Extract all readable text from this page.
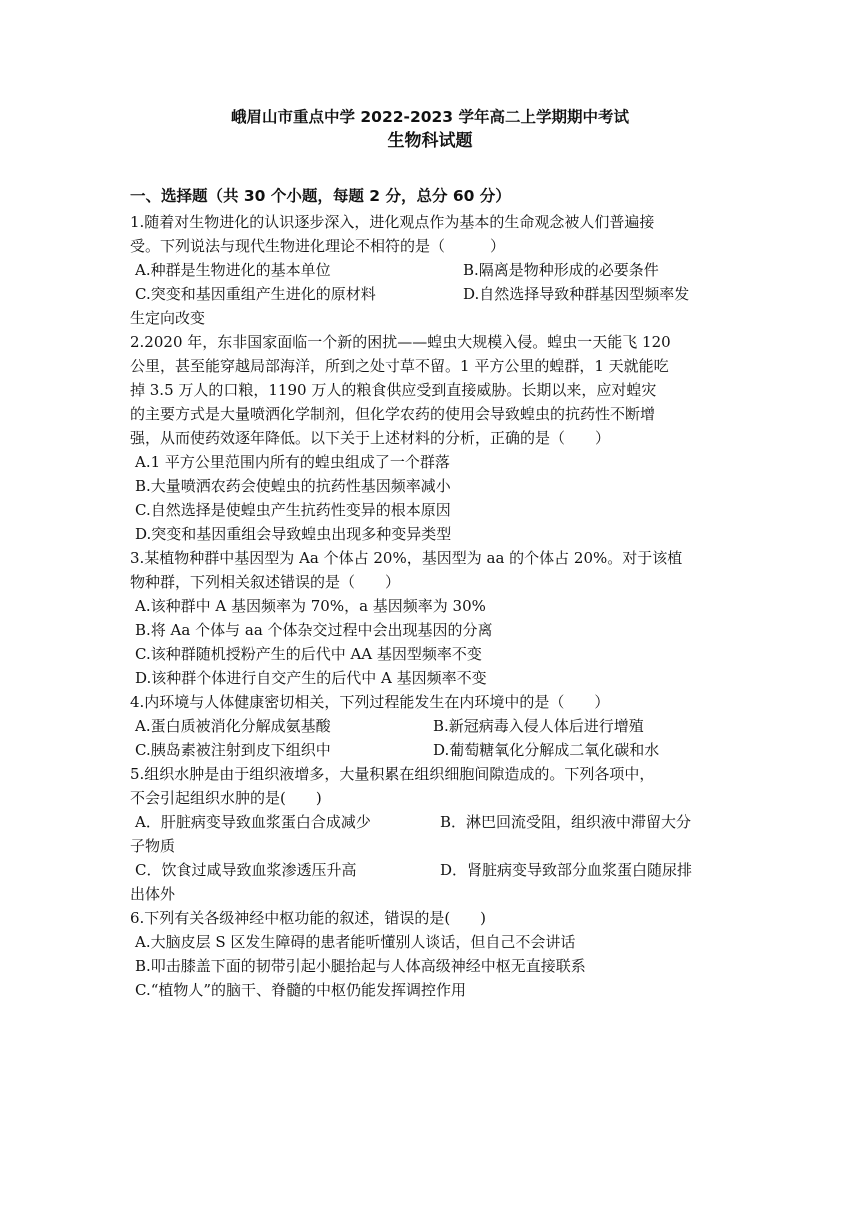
峨眉山市重点中学 2022-2023 学年高二上学期期中考试
生物科试题
一、选择题（共 30 个小题，每题 2 分，总分 60 分）
1.随着对生物进化的认识逐步深入，进化观点作为基本的生命观念被人们普遍接
受。下列说法与现代生物进化理论不相符的是（　　　）
A.种群是生物进化的基本单位	B.隔离是物种形成的必要条件
C.突变和基因重组产生进化的原材料	D.自然选择导致种群基因型频率发
生定向改变
2.2020 年，东非国家面临一个新的困扰——蝗虫大规模入侵。蝗虫一天能飞 120
公里，甚至能穿越局部海洋，所到之处寸草不留。1 平方公里的蝗群，1 天就能吃
掉 3.5 万人的口粮，1190 万人的粮食供应受到直接威胁。长期以来，应对蝗灾
的主要方式是大量喷洒化学制剂，但化学农药的使用会导致蝗虫的抗药性不断增
强，从而使药效逐年降低。以下关于上述材料的分析，正确的是（　　）
A.1 平方公里范围内所有的蝗虫组成了一个群落
B.大量喷洒农药会使蝗虫的抗药性基因频率减小
C.自然选择是使蝗虫产生抗药性变异的根本原因
D.突变和基因重组会导致蝗虫出现多种变异类型
3.某植物种群中基因型为 Aa 个体占 20%，基因型为 aa 的个体占 20%。对于该植
物种群，下列相关叙述错误的是（　　）
A.该种群中 A 基因频率为 70%，a 基因频率为 30%
B.将 Aa 个体与 aa 个体杂交过程中会出现基因的分离
C.该种群随机授粉产生的后代中 AA 基因型频率不变
D.该种群个体进行自交产生的后代中 A 基因频率不变
4.内环境与人体健康密切相关，下列过程能发生在内环境中的是（　　）
A.蛋白质被消化分解成氨基酸	B.新冠病毒入侵人体后进行增殖
C.胰岛素被注射到皮下组织中	D.葡萄糖氧化分解成二氧化碳和水
5.组织水肿是由于组织液增多，大量积累在组织细胞间隙造成的。下列各项中，
不会引起组织水肿的是(　　)
A．肝脏病变导致血浆蛋白合成减少	B．淋巴回流受阻，组织液中滞留大分
子物质
C．饮食过咸导致血浆渗透压升高	D．肾脏病变导致部分血浆蛋白随尿排
出体外
6.下列有关各级神经中枢功能的叙述，错误的是(　　)
A.大脑皮层 S 区发生障碍的患者能听懂别人谈话，但自己不会讲话
B.叩击膝盖下面的韧带引起小腿抬起与人体高级神经中枢无直接联系
C.“植物人”的脑干、脊髓的中枢仍能发挥调控作用
